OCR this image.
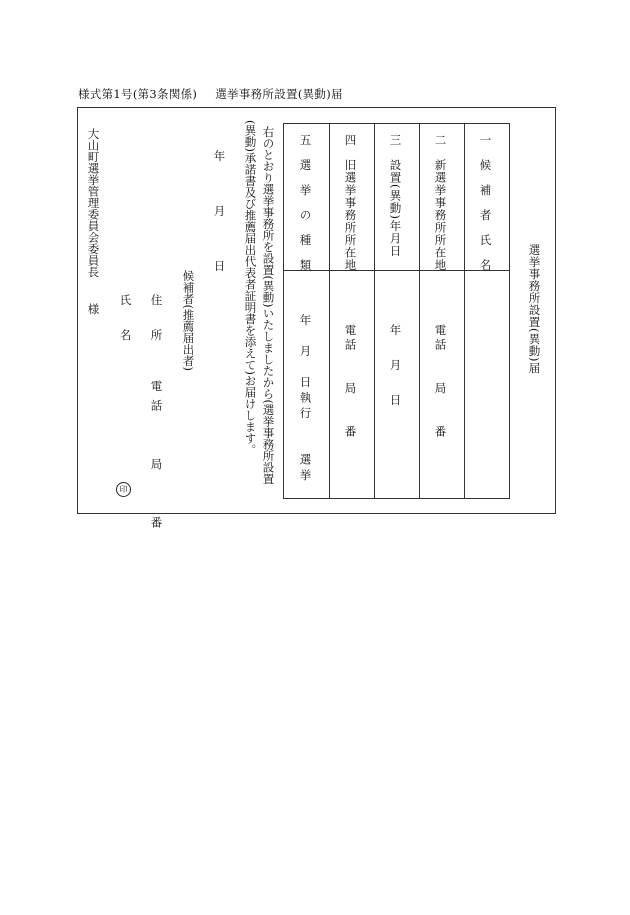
様式第1号(第3条関係) 選挙事務所設置(異動)届
選挙事務所設置(異動)届
一　候　補　者　氏　名
二　新選挙事務所所在地
電話　　局　　番
三　設置(異動)年月日
年　月　日
四　旧選挙事務所所在地
電話　　局　　番
五　選　挙　の　種　類
年　月　日執行　　選挙
右のとおり選挙事務所を設置(異動)いたしましたから(選挙事務所設置
(異動)承諾書及び推薦届出代表者証明書を添えて)お届けします。
年　月　日
候補者(推薦届出者)
住　所
電話　　局　　番
氏　名
印
大山町選挙管理委員会委員長
様
